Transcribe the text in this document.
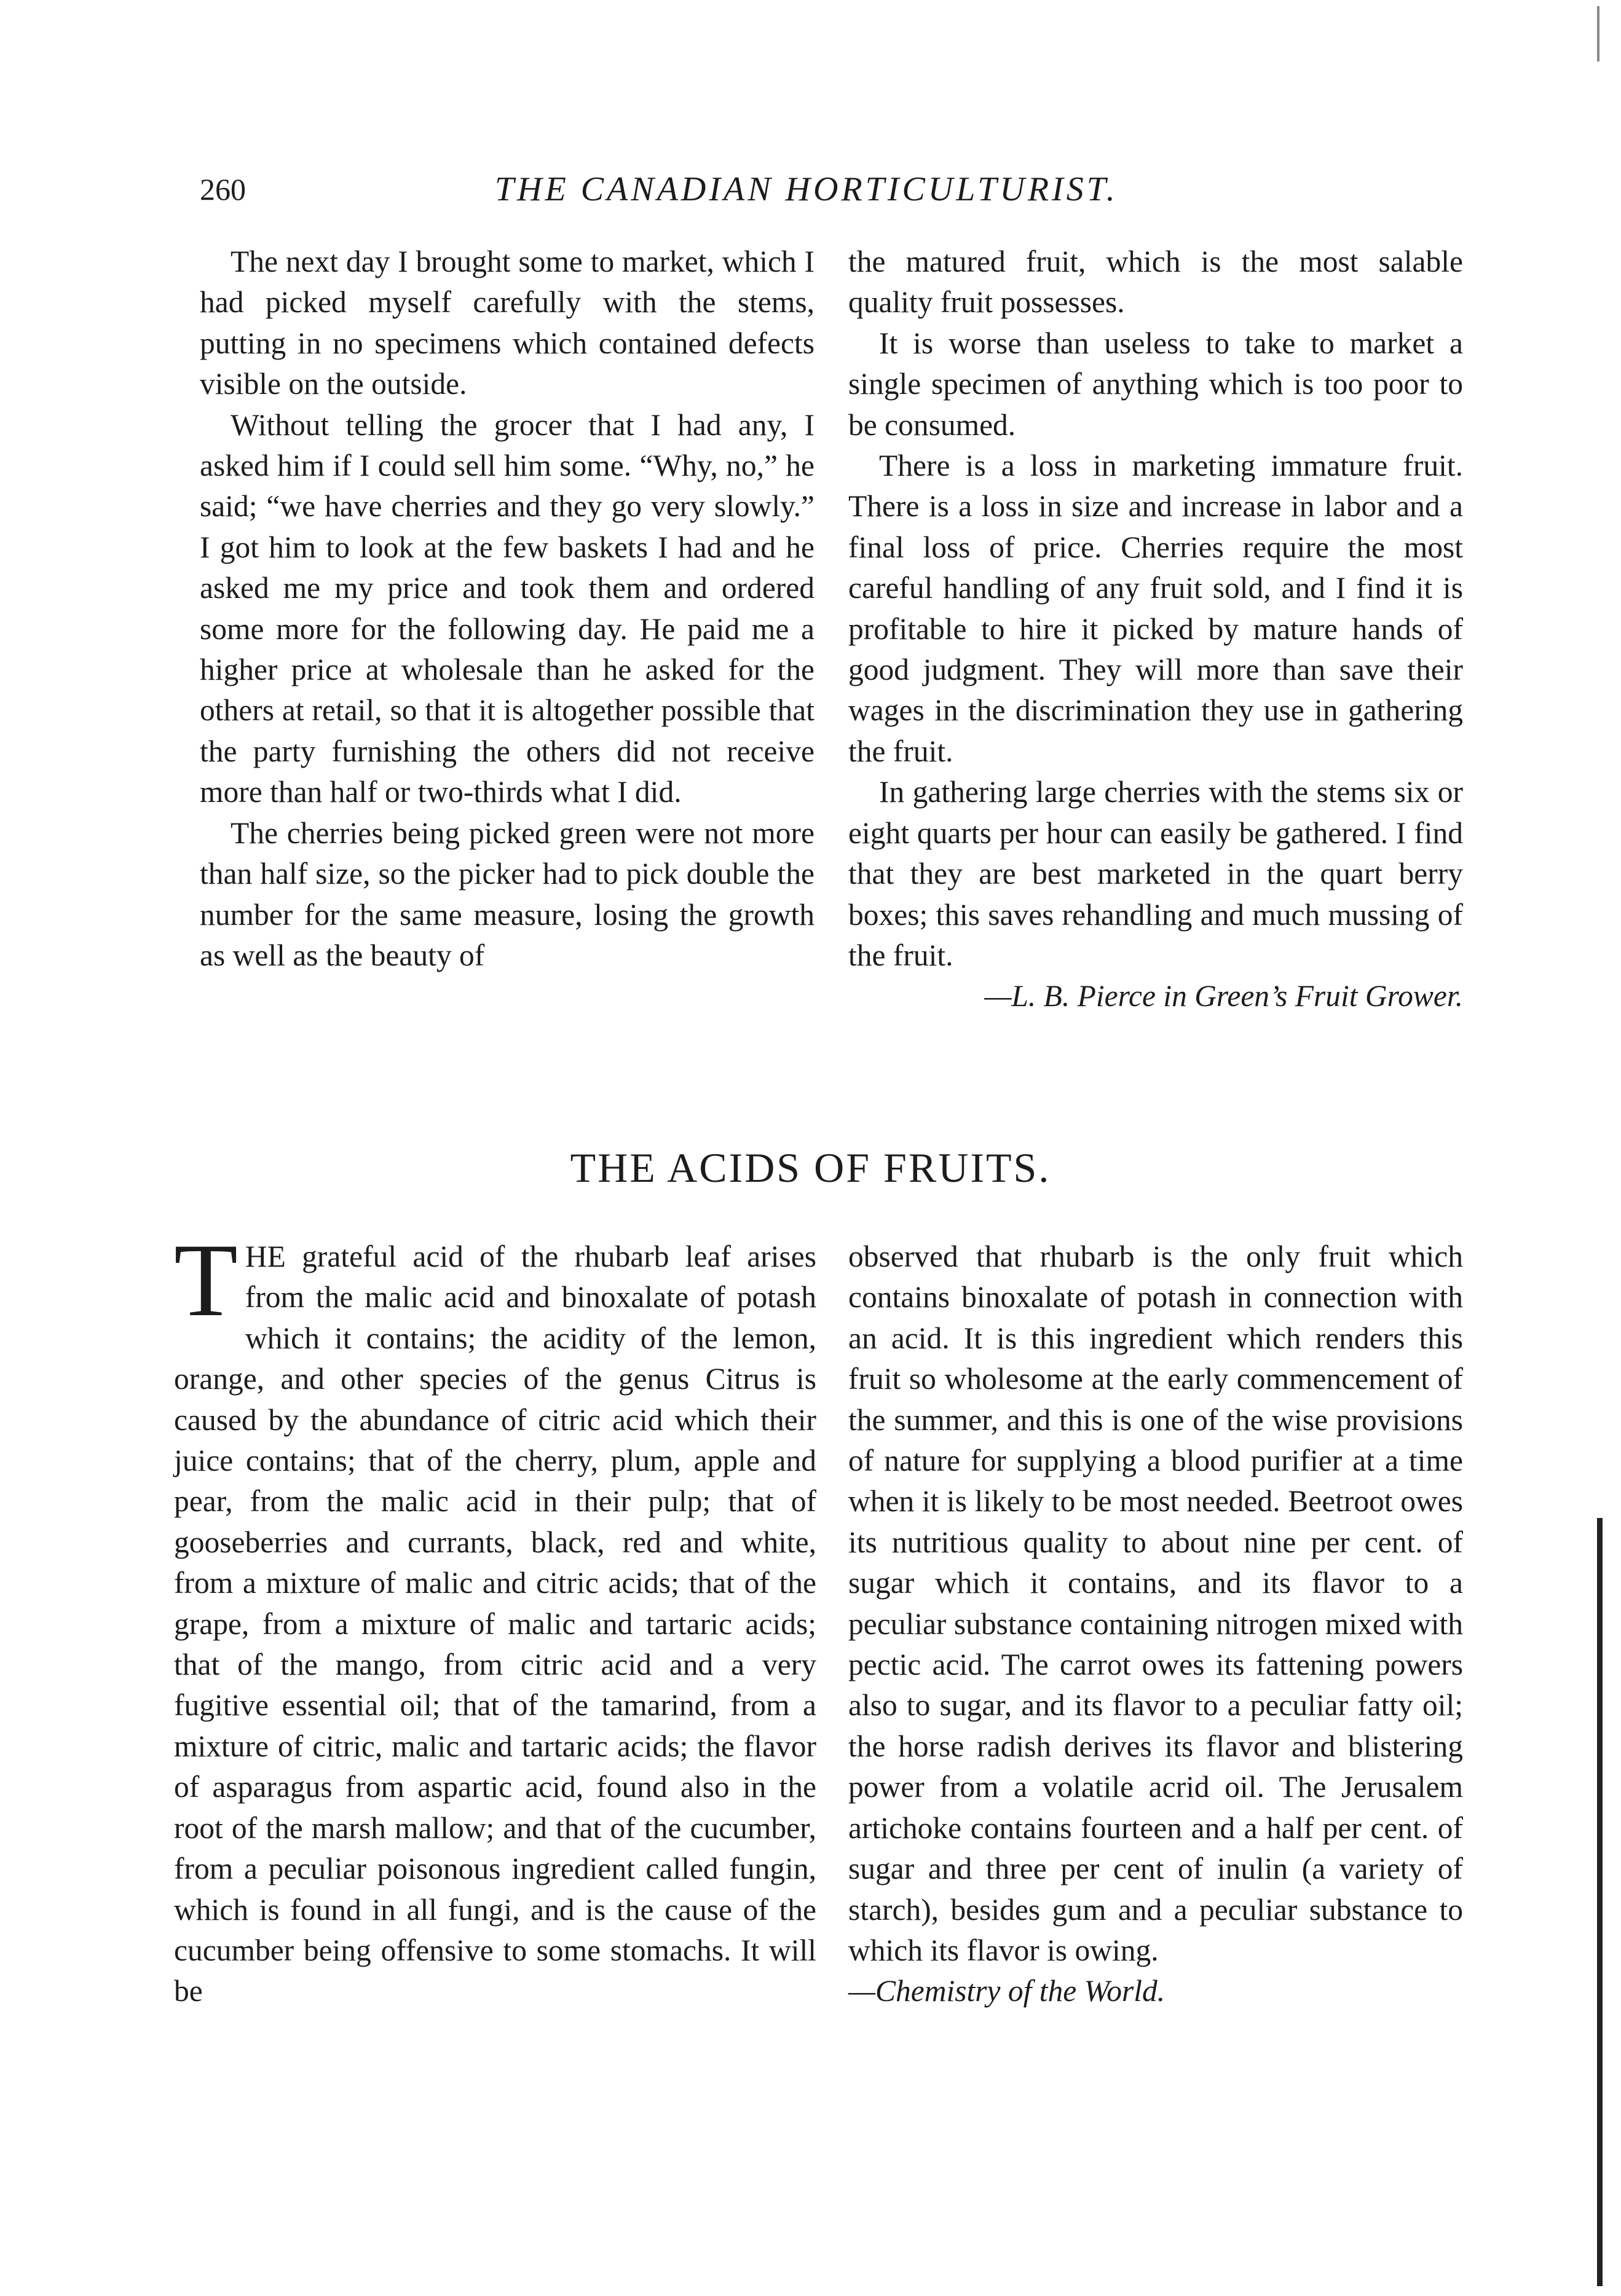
260	THE CANADIAN HORTICULTURIST.

The next day I brought some to market, which I had picked myself carefully with the stems, putting in no specimens which contained defects visible on the outside.

Without telling the grocer that I had any, I asked him if I could sell him some. “Why, no,” he said; “we have cherries and they go very slowly.” I got him to look at the few baskets I had and he asked me my price and took them and ordered some more for the following day. He paid me a higher price at wholesale than he asked for the others at retail, so that it is altogether possible that the party furnishing the others did not receive more than half or two-thirds what I did.

The cherries being picked green were not more than half size, so the picker had to pick double the number for the same measure, losing the growth as well as the beauty of

the matured fruit, which is the most salable quality fruit possesses.

It is worse than useless to take to market a single specimen of anything which is too poor to be consumed.

There is a loss in marketing immature fruit. There is a loss in size and increase in labor and a final loss of price. Cherries require the most careful handling of any fruit sold, and I find it is profitable to hire it picked by mature hands of good judgment. They will more than save their wages in the discrimination they use in gathering the fruit.

In gathering large cherries with the stems six or eight quarts per hour can easily be gathered. I find that they are best marketed in the quart berry boxes; this saves rehandling and much mussing of the fruit.

—L. B. Pierce in Green’s Fruit Grower.

THE ACIDS OF FRUITS.

THE grateful acid of the rhubarb leaf arises from the malic acid and binoxalate of potash which it contains; the acidity of the lemon, orange, and other species of the genus Citrus is caused by the abundance of citric acid which their juice contains; that of the cherry, plum, apple and pear, from the malic acid in their pulp; that of gooseberries and currants, black, red and white, from a mixture of malic and citric acids; that of the grape, from a mixture of malic and tartaric acids; that of the mango, from citric acid and a very fugitive essential oil; that of the tamarind, from a mixture of citric, malic and tartaric acids; the flavor of asparagus from aspartic acid, found also in the root of the marsh mallow; and that of the cucumber, from a peculiar poisonous ingredient called fungin, which is found in all fungi, and is the cause of the cucumber being offensive to some stomachs. It will be

observed that rhubarb is the only fruit which contains binoxalate of potash in connection with an acid. It is this ingredient which renders this fruit so wholesome at the early commencement of the summer, and this is one of the wise provisions of nature for supplying a blood purifier at a time when it is likely to be most needed. Beetroot owes its nutritious quality to about nine per cent. of sugar which it contains, and its flavor to a peculiar substance containing nitrogen mixed with pectic acid. The carrot owes its fattening powers also to sugar, and its flavor to a peculiar fatty oil; the horse radish derives its flavor and blistering power from a volatile acrid oil. The Jerusalem artichoke contains fourteen and a half per cent. of sugar and three per cent of inulin (a variety of starch), besides gum and a peculiar substance to which its flavor is owing.

—Chemistry of the World.
